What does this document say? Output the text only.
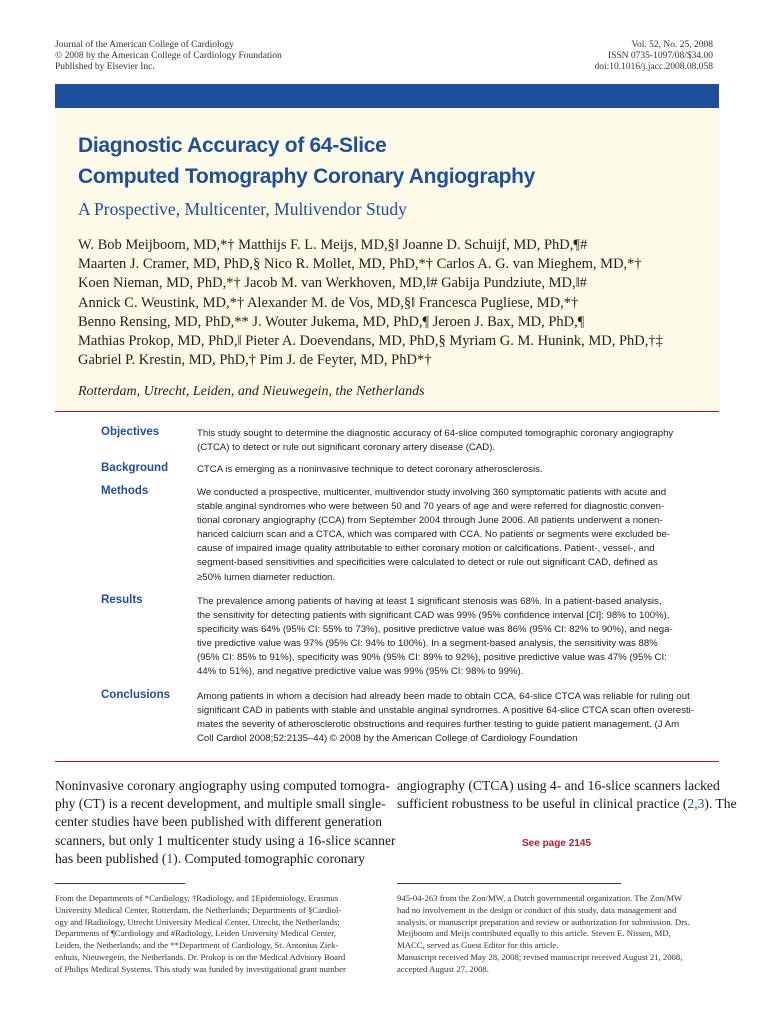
Journal of the American College of Cardiology
© 2008 by the American College of Cardiology Foundation
Published by Elsevier Inc.
Vol. 52, No. 25, 2008
ISSN 0735-1097/08/$34.00
doi:10.1016/j.jacc.2008.08.058
Diagnostic Accuracy of 64-Slice
Computed Tomography Coronary Angiography
A Prospective, Multicenter, Multivendor Study
W. Bob Meijboom, MD,*† Matthijs F. L. Meijs, MD,§‖ Joanne D. Schuijf, MD, PhD,¶#
Maarten J. Cramer, MD, PhD,§ Nico R. Mollet, MD, PhD,*† Carlos A. G. van Mieghem, MD,*†
Koen Nieman, MD, PhD,*† Jacob M. van Werkhoven, MD,‖# Gabija Pundziute, MD,‖#
Annick C. Weustink, MD,*† Alexander M. de Vos, MD,§‖ Francesca Pugliese, MD,*†
Benno Rensing, MD, PhD,** J. Wouter Jukema, MD, PhD,¶ Jeroen J. Bax, MD, PhD,¶
Mathias Prokop, MD, PhD,‖ Pieter A. Doevendans, MD, PhD,§ Myriam G. M. Hunink, MD, PhD,†‡
Gabriel P. Krestin, MD, PhD,† Pim J. de Feyter, MD, PhD*†
Rotterdam, Utrecht, Leiden, and Nieuwegein, the Netherlands
Objectives	This study sought to determine the diagnostic accuracy of 64-slice computed tomographic coronary angiography
(CTCA) to detect or rule out significant coronary artery disease (CAD).
Background	CTCA is emerging as a noninvasive technique to detect coronary atherosclerosis.
Methods	We conducted a prospective, multicenter, multivendor study involving 360 symptomatic patients with acute and
stable anginal syndromes who were between 50 and 70 years of age and were referred for diagnostic conven-
tional coronary angiography (CCA) from September 2004 through June 2006. All patients underwent a nonen-
hanced calcium scan and a CTCA, which was compared with CCA. No patients or segments were excluded be-
cause of impaired image quality attributable to either coronary motion or calcifications. Patient-, vessel-, and
segment-based sensitivities and specificities were calculated to detect or rule out significant CAD, defined as
≥50% lumen diameter reduction.
Results	The prevalence among patients of having at least 1 significant stenosis was 68%. In a patient-based analysis,
the sensitivity for detecting patients with significant CAD was 99% (95% confidence interval [CI]: 98% to 100%),
specificity was 64% (95% CI: 55% to 73%), positive predictive value was 86% (95% CI: 82% to 90%), and nega-
tive predictive value was 97% (95% CI: 94% to 100%). In a segment-based analysis, the sensitivity was 88%
(95% CI: 85% to 91%), specificity was 90% (95% CI: 89% to 92%), positive predictive value was 47% (95% CI:
44% to 51%), and negative predictive value was 99% (95% CI: 98% to 99%).
Conclusions	Among patients in whom a decision had already been made to obtain CCA, 64-slice CTCA was reliable for ruling out
significant CAD in patients with stable and unstable anginal syndromes. A positive 64-slice CTCA scan often overesti-
mates the severity of atherosclerotic obstructions and requires further testing to guide patient management. (J Am
Coll Cardiol 2008;52:2135–44) © 2008 by the American College of Cardiology Foundation
Noninvasive coronary angiography using computed tomogra-
phy (CT) is a recent development, and multiple small single-
center studies have been published with different generation
scanners, but only 1 multicenter study using a 16-slice scanner
has been published (1). Computed tomographic coronary
angiography (CTCA) using 4- and 16-slice scanners lacked
sufficient robustness to be useful in clinical practice (2,3). The
See page 2145
From the Departments of *Cardiology, †Radiology, and ‡Epidemiology, Erasmus
University Medical Center, Rotterdam, the Netherlands; Departments of §Cardiol-
ogy and ‖Radiology, Utrecht University Medical Center, Utrecht, the Netherlands;
Departments of ¶Cardiology and #Radiology, Leiden University Medical Center,
Leiden, the Netherlands; and the **Department of Cardiology, St. Antonius Ziek-
enhuis, Nieuwegein, the Netherlands. Dr. Prokop is on the Medical Advisory Board
of Philips Medical Systems. This study was funded by investigational grant number
945-04-263 from the Zon/MW, a Dutch governmental organization. The Zon/MW
had no involvement in the design or conduct of this study, data management and
analysis, or manuscript preparation and review or authorization for submission. Drs.
Meijboom and Meijs contributed equally to this article. Steven E. Nissen, MD,
MACC, served as Guest Editor for this article.
Manuscript received May 28, 2008; revised manuscript received August 21, 2008,
accepted August 27, 2008.
